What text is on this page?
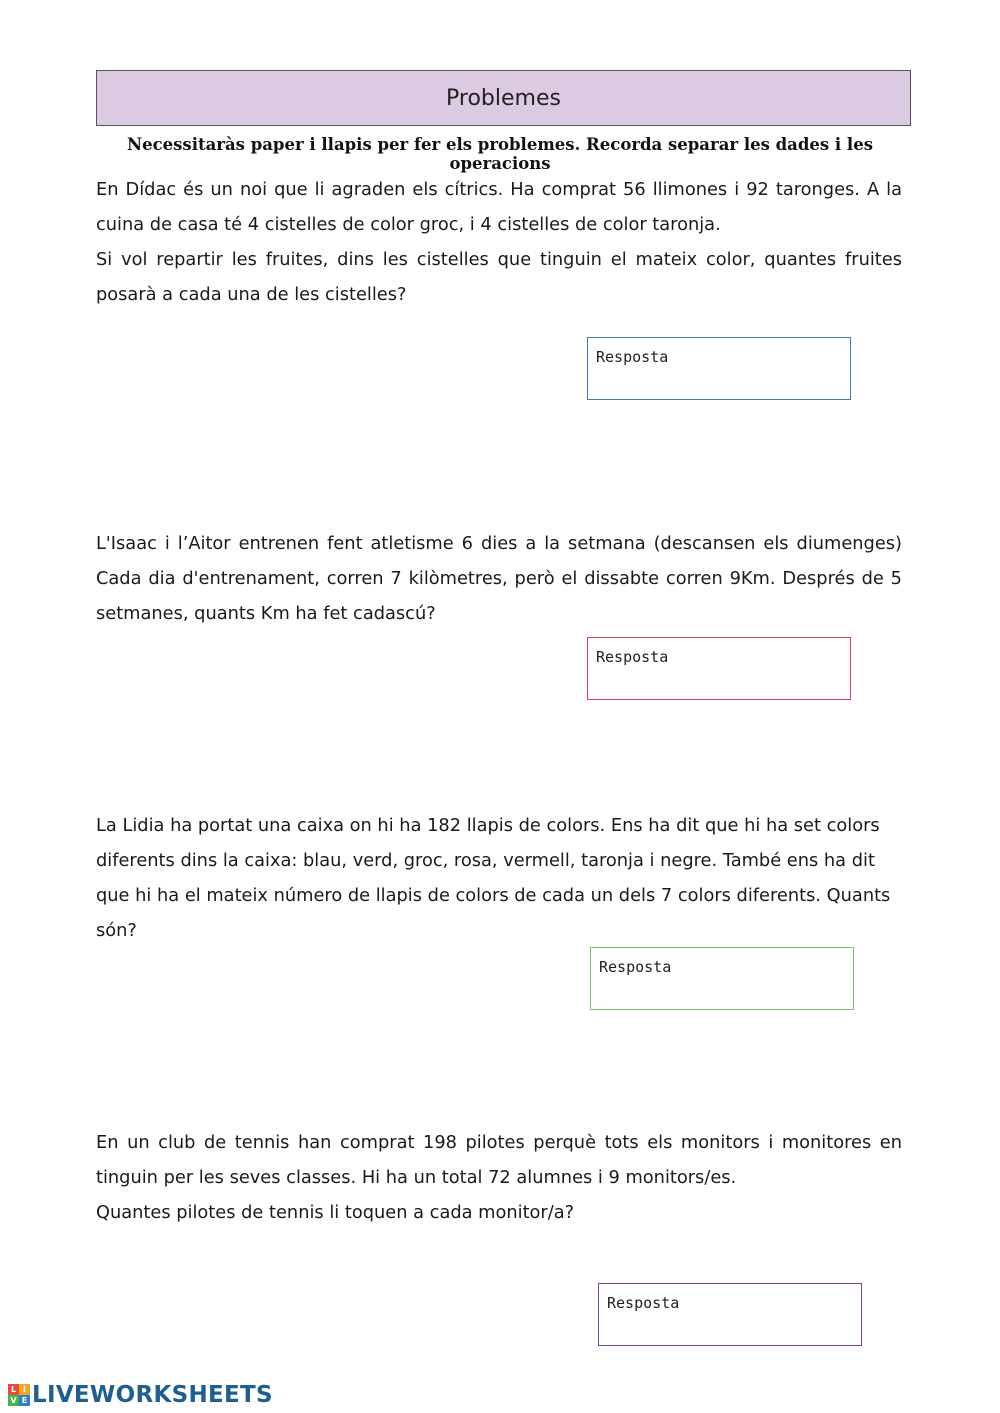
Problemes
Necessitaràs paper i llapis per fer els problemes. Recorda separar les dades i les operacions

En Dídac és un noi que li agraden els cítrics. Ha comprat 56 llimones i 92 taronges. A la cuina de casa té 4 cistelles de color groc, i 4 cistelles de color taronja.

Si vol repartir les fruites, dins les cistelles que tinguin el mateix color, quantes fruites posarà a cada una de les cistelles?

Resposta

L'Isaac i l’Aitor entrenen fent atletisme 6 dies a la setmana (descansen els diumenges) Cada dia d'entrenament, corren 7 kilòmetres, però el dissabte corren 9Km. Després de 5 setmanes, quants Km ha fet cadascú?

Resposta

La Lidia ha portat una caixa on hi ha 182 llapis de colors. Ens ha dit que hi ha set colors diferents dins la caixa: blau, verd, groc, rosa, vermell, taronja i negre. També ens ha dit que hi ha el mateix número de llapis de colors de cada un dels 7 colors diferents. Quants són?

Resposta

En un club de tennis han comprat 198 pilotes perquè tots els monitors i monitores en tinguin per les seves classes. Hi ha un total 72 alumnes i 9 monitors/es.

Quantes pilotes de tennis li toquen a cada monitor/a?

Resposta
L I
V E LIVEWORKSHEETS
